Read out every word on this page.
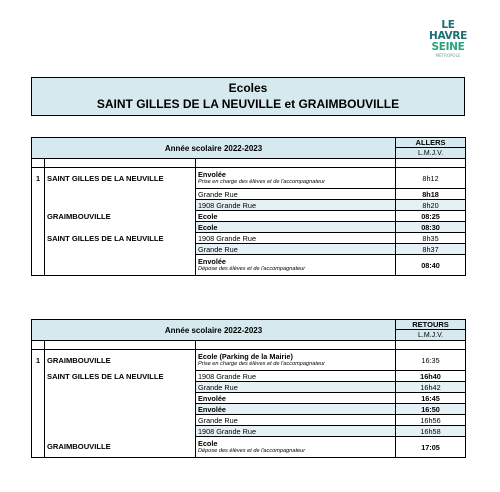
LE
HAVRE
SEINE
MÉTROPOLE
Ecoles
SAINT GILLES DE LA NEUVILLE et GRAIMBOUVILLE
Année scolaire 2022-2023			ALLERS
			L.M.J.V.

1	SAINT GILLES DE LA NEUVILLE	Envolée
Prise en charge des élèves et de l'accompagnateur	8h12
		Grande Rue	8h18
		1908 Grande Rue	8h20
	GRAIMBOUVILLE	Ecole	08:25
		Ecole	08:30
	SAINT GILLES DE LA NEUVILLE	1908 Grande Rue	8h35
		Grande Rue	8h37

		Envolée
Dépose des élèves et de l'accompagnateur	08:40
Année scolaire 2022-2023			RETOURS
			L.M.J.V.

1	GRAIMBOUVILLE	Ecole (Parking de la Mairie)
Prise en charge des élèves et de l'accompagnateur	16:35
	SAINT GILLES DE LA NEUVILLE	1908 Grande Rue	16h40
		Grande Rue	16h42
		Envolée	16:45
		Envolée	16:50
		Grande Rue	16h56
		1908 Grande Rue	16h58
	GRAIMBOUVILLE	Ecole
Dépose des élèves et de l'accompagnateur	17:05
